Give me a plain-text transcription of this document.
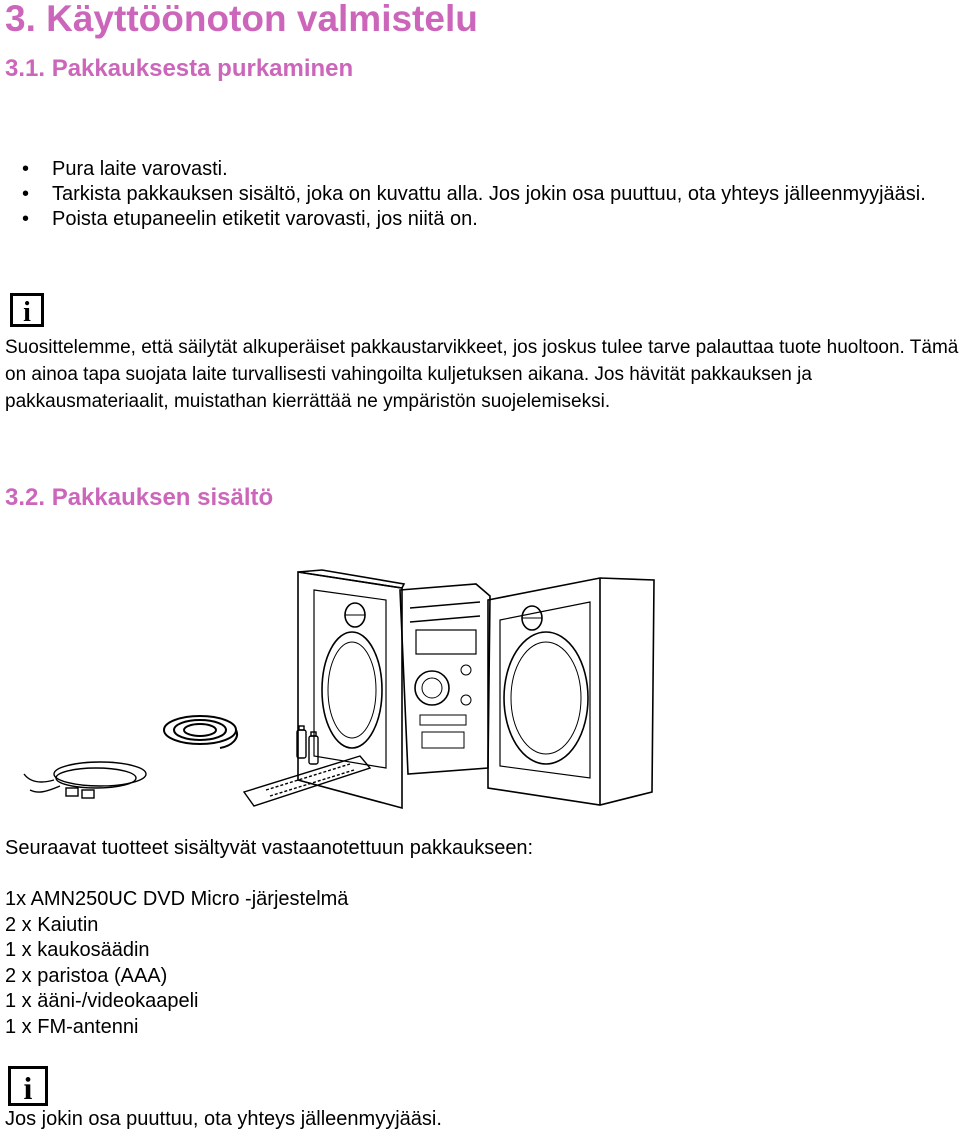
3. Käyttöönoton valmistelu
3.1. Pakkauksesta purkaminen
• Pura laite varovasti.
• Tarkista pakkauksen sisältö, joka on kuvattu alla. Jos jokin osa puuttuu, ota yhteys jälleenmyyjääsi.
• Poista etupaneelin etiketit varovasti, jos niitä on.
i
Suosittelemme, että säilytät alkuperäiset pakkaustarvikkeet, jos joskus tulee tarve palauttaa tuote huoltoon. Tämä on ainoa tapa suojata laite turvallisesti vahingoilta kuljetuksen aikana. Jos hävität pakkauksen ja pakkausmateriaalit, muistathan kierrättää ne ympäristön suojelemiseksi.
3.2. Pakkauksen sisältö
Seuraavat tuotteet sisältyvät vastaanotettuun pakkaukseen:
1x AMN250UC DVD Micro -järjestelmä
2 x Kaiutin
1 x kaukosäädin
2 x paristoa (AAA)
1 x ääni-/videokaapeli
1 x FM-antenni
i
Jos jokin osa puuttuu, ota yhteys jälleenmyyjääsi.
